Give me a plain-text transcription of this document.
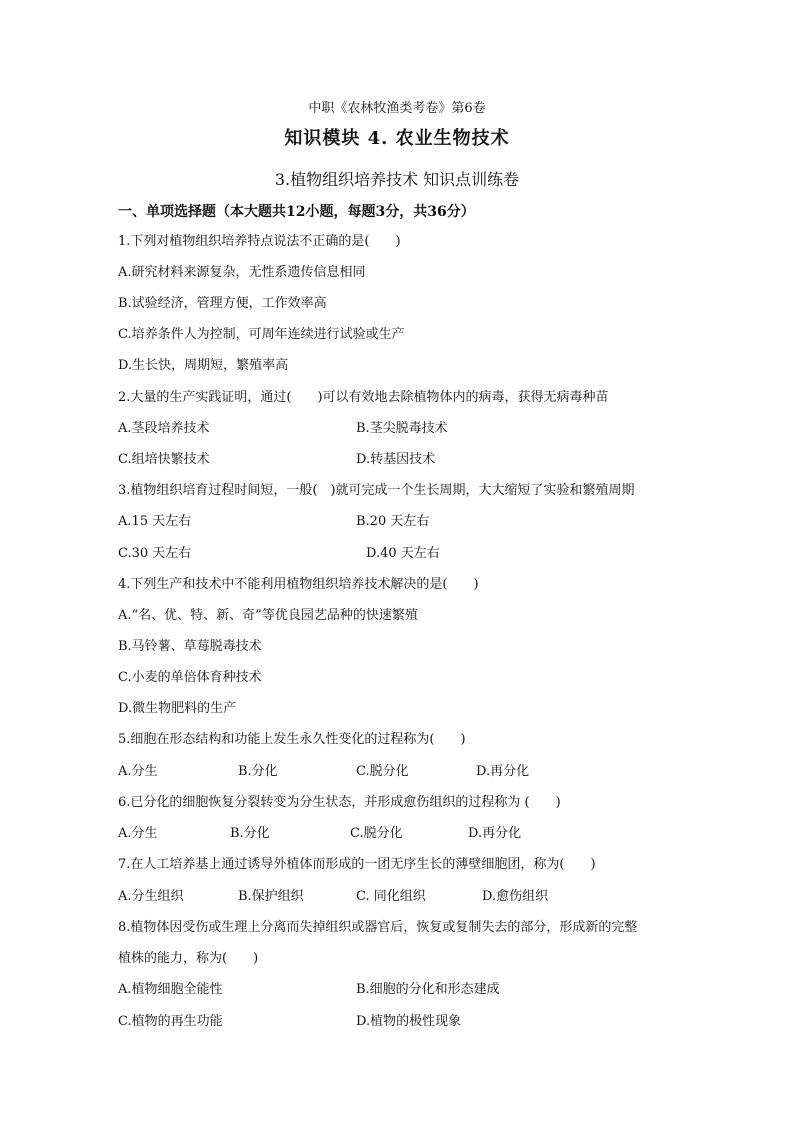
中职《农林牧渔类考卷》第6卷
知识模块 4. 农业生物技术
3.植物组织培养技术 知识点训练卷
一、单项选择题（本大题共12小题，每题3分，共36分）
1.下列对植物组织培养特点说法不正确的是(　　)
A.研究材料来源复杂，无性系遗传信息相同
B.试验经济，管理方便，工作效率高
C.培养条件人为控制，可周年连续进行试验或生产
D.生长快，周期短，繁殖率高
2.大量的生产实践证明，通过(　　)可以有效地去除植物体内的病毒，获得无病毒种苗
A.茎段培养技术	B.茎尖脱毒技术
C.组培快繁技术	D.转基因技术
3.植物组织培育过程时间短，一般(　)就可完成一个生长周期，大大缩短了实验和繁殖周期
A.15 天左右	B.20 天左右
C.30 天左右	D.40 天左右
4.下列生产和技术中不能利用植物组织培养技术解决的是(　　)
A.“名、优、特、新、奇”等优良园艺品种的快速繁殖
B.马铃薯、草莓脱毒技术
C.小麦的单倍体育种技术
D.微生物肥料的生产
5.细胞在形态结构和功能上发生永久性变化的过程称为(　　)
A.分生	B.分化	C.脱分化	D.再分化
6.已分化的细胞恢复分裂转变为分生状态，并形成愈伤组织的过程称为 (　　)
A.分生	B.分化	C.脱分化	D.再分化
7.在人工培养基上通过诱导外植体而形成的一团无序生长的薄壁细胞团，称为(　　)
A.分生组织	B.保护组织	C. 同化组织	D.愈伤组织
8.植物体因受伤或生理上分离而失掉组织或器官后，恢复或复制失去的部分，形成新的完整
植株的能力，称为(　　)
A.植物细胞全能性	B.细胞的分化和形态建成
C.植物的再生功能	D.植物的极性现象
